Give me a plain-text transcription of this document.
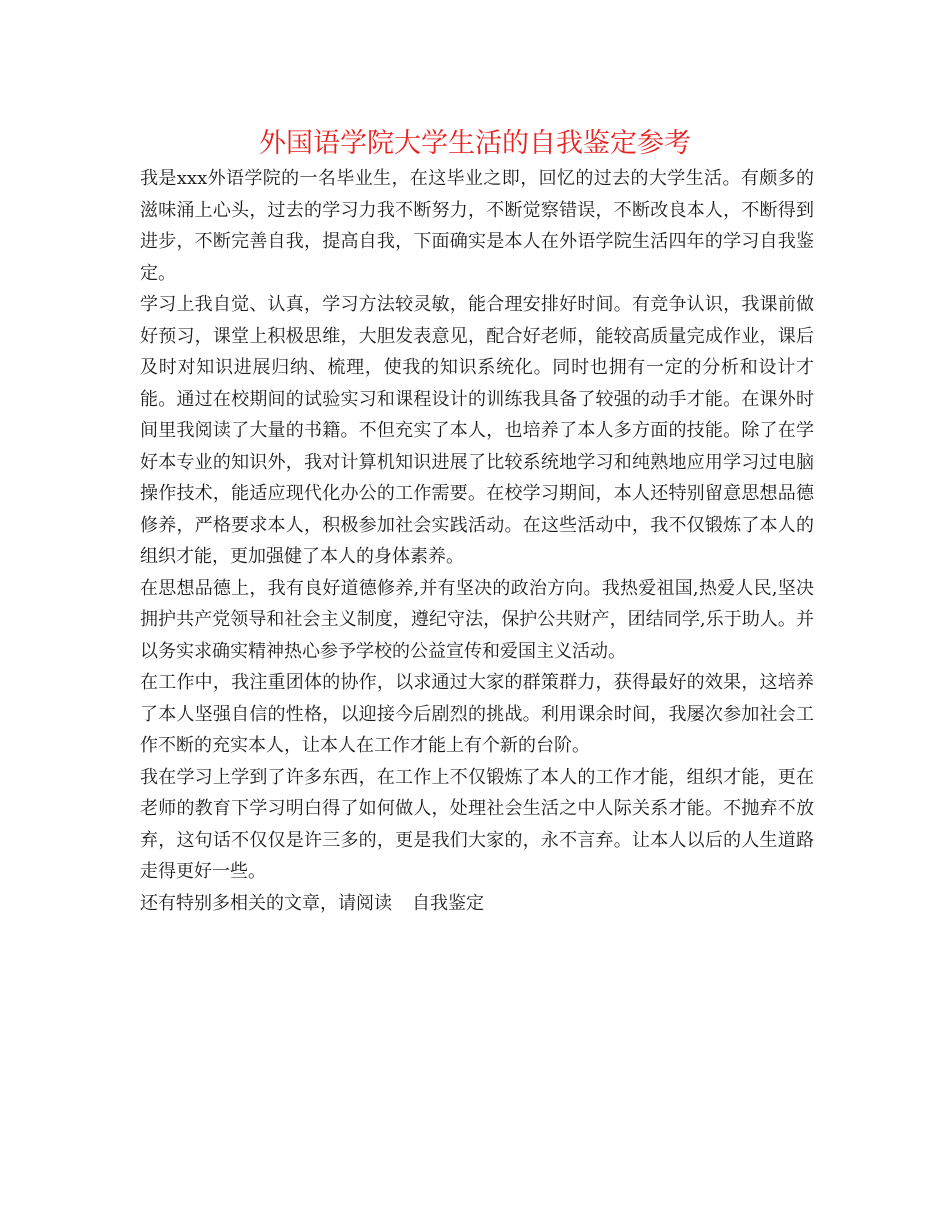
外国语学院大学生活的自我鉴定参考

我是xxx外语学院的一名毕业生，在这毕业之即，回忆的过去的大学生活。有颇多的滋味涌上心头，过去的学习力我不断努力，不断觉察错误，不断改良本人，不断得到进步，不断完善自我，提高自我，下面确实是本人在外语学院生活四年的学习自我鉴定。

学习上我自觉、认真，学习方法较灵敏，能合理安排好时间。有竞争认识，我课前做好预习，课堂上积极思维，大胆发表意见，配合好老师，能较高质量完成作业，课后及时对知识进展归纳、梳理，使我的知识系统化。同时也拥有一定的分析和设计才能。通过在校期间的试验实习和课程设计的训练我具备了较强的动手才能。在课外时间里我阅读了大量的书籍。不但充实了本人，也培养了本人多方面的技能。除了在学好本专业的知识外，我对计算机知识进展了比较系统地学习和纯熟地应用学习过电脑操作技术，能适应现代化办公的工作需要。在校学习期间，本人还特别留意思想品德修养，严格要求本人，积极参加社会实践活动。在这些活动中，我不仅锻炼了本人的组织才能，更加强健了本人的身体素养。

在思想品德上，我有良好道德修养,并有坚决的政治方向。我热爱祖国,热爱人民,坚决拥护共产党领导和社会主义制度，遵纪守法，保护公共财产，团结同学,乐于助人。并以务实求确实精神热心参予学校的公益宣传和爱国主义活动。

在工作中，我注重团体的协作，以求通过大家的群策群力，获得最好的效果，这培养了本人坚强自信的性格，以迎接今后剧烈的挑战。利用课余时间，我屡次参加社会工作不断的充实本人，让本人在工作才能上有个新的台阶。

我在学习上学到了许多东西，在工作上不仅锻炼了本人的工作才能，组织才能，更在老师的教育下学习明白得了如何做人，处理社会生活之中人际关系才能。不抛弃不放弃，这句话不仅仅是许三多的，更是我们大家的，永不言弃。让本人以后的人生道路走得更好一些。

还有特别多相关的文章，请阅读 自我鉴定
